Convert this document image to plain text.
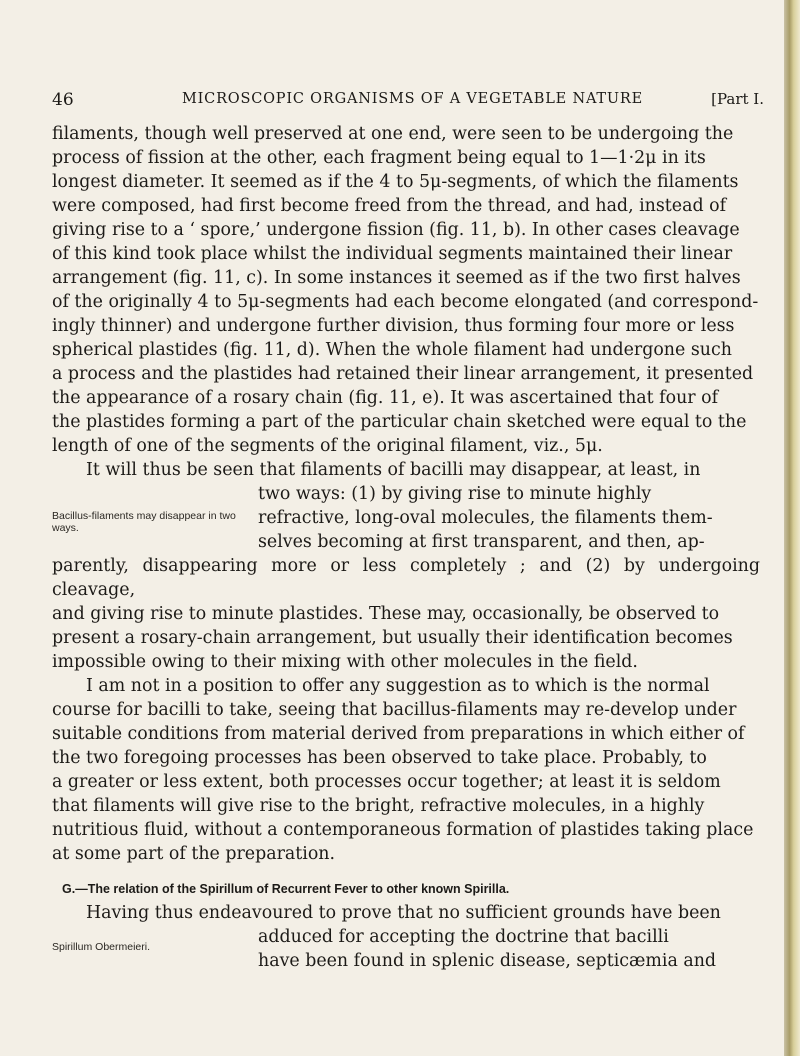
46	MICROSCOPIC ORGANISMS OF A VEGETABLE NATURE	[Part I.

filaments, though well preserved at one end, were seen to be undergoing the

process of fission at the other, each fragment being equal to 1—1·2μ in its

longest diameter. It seemed as if the 4 to 5μ-segments, of which the filaments

were composed, had first become freed from the thread, and had, instead of

giving rise to a ‘ spore,’ undergone fission (fig. 11, b). In other cases cleavage

of this kind took place whilst the individual segments maintained their linear

arrangement (fig. 11, c). In some instances it seemed as if the two first halves

of the originally 4 to 5μ-segments had each become elongated (and correspond-

ingly thinner) and undergone further division, thus forming four more or less

spherical plastides (fig. 11, d). When the whole filament had undergone such

a process and the plastides had retained their linear arrangement, it presented

the appearance of a rosary chain (fig. 11, e). It was ascertained that four of

the plastides forming a part of the particular chain sketched were equal to the

length of one of the segments of the original filament, viz., 5μ.

It will thus be seen that filaments of bacilli may disappear, at least, in

Bacillus-filaments may disappear in two ways.

two ways: (1) by giving rise to minute highly

refractive, long-oval molecules, the filaments them-

selves becoming at first transparent, and then, ap-

parently, disappearing more or less completely ; and (2) by undergoing cleavage,

and giving rise to minute plastides. These may, occasionally, be observed to

present a rosary-chain arrangement, but usually their identification becomes

impossible owing to their mixing with other molecules in the field.

I am not in a position to offer any suggestion as to which is the normal

course for bacilli to take, seeing that bacillus-filaments may re-develop under

suitable conditions from material derived from preparations in which either of

the two foregoing processes has been observed to take place. Probably, to

a greater or less extent, both processes occur together; at least it is seldom

that filaments will give rise to the bright, refractive molecules, in a highly

nutritious fluid, without a contemporaneous formation of plastides taking place

at some part of the preparation.

G.—The relation of the Spirillum of Recurrent Fever to other known Spirilla.

Having thus endeavoured to prove that no sufficient grounds have been

Spirillum Obermeieri.	adduced for accepting the doctrine that bacilli

have been found in splenic disease, septicæmia and
